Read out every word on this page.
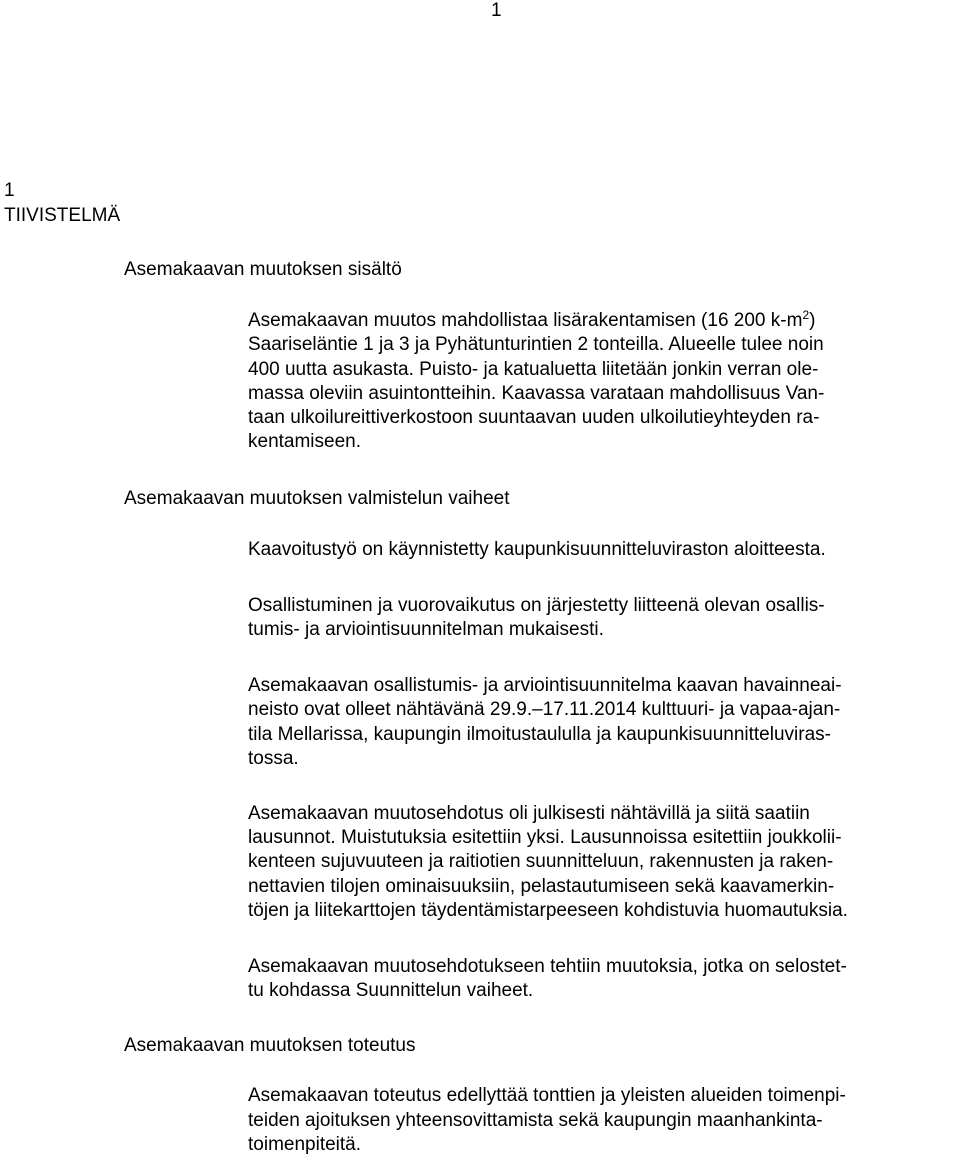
1
1
TIIVISTELMÄ
Asemakaavan muutoksen sisältö
Asemakaavan muutos mahdollistaa lisärakentamisen (16 200 $k-m^2$)
Saariseläntie 1 ja 3 ja Pyhätunturintien 2 tonteilla. Alueelle tulee noin
400 uutta asukasta. Puisto- ja katualuetta liitetään jonkin verran ole-
massa oleviin asuintontteihin. Kaavassa varataan mahdollisuus Van-
taan ulkoilureittiverkostoon suuntaavan uuden ulkoilutieyhteyden ra-
kentamiseen.
Asemakaavan muutoksen valmistelun vaiheet
Kaavoitustyö on käynnistetty kaupunkisuunnitteluviraston aloitteesta.
Osallistuminen ja vuorovaikutus on järjestetty liitteenä olevan osallis-
tumis- ja arviointisuunnitelman mukaisesti.
Asemakaavan osallistumis- ja arviointisuunnitelma kaavan havainneai-
neisto ovat olleet nähtävänä 29.9.–17.11.2014 kulttuuri- ja vapaa-ajan-
tila Mellarissa, kaupungin ilmoitustaululla ja kaupunkisuunnitteluviras-
tossa.
Asemakaavan muutosehdotus oli julkisesti nähtävillä ja siitä saatiin
lausunnot. Muistutuksia esitettiin yksi. Lausunnoissa esitettiin joukkolii-
kenteen sujuvuuteen ja raitiotien suunnitteluun, rakennusten ja raken-
nettavien tilojen ominaisuuksiin, pelastautumiseen sekä kaavamerkin-
töjen ja liitekarttojen täydentämistarpeeseen kohdistuvia huomautuksia.
Asemakaavan muutosehdotukseen tehtiin muutoksia, jotka on selostet-
tu kohdassa Suunnittelun vaiheet.
Asemakaavan muutoksen toteutus
Asemakaavan toteutus edellyttää tonttien ja yleisten alueiden toimenpi-
teiden ajoituksen yhteensovittamista sekä kaupungin maanhankinta-
toimenpiteitä.
